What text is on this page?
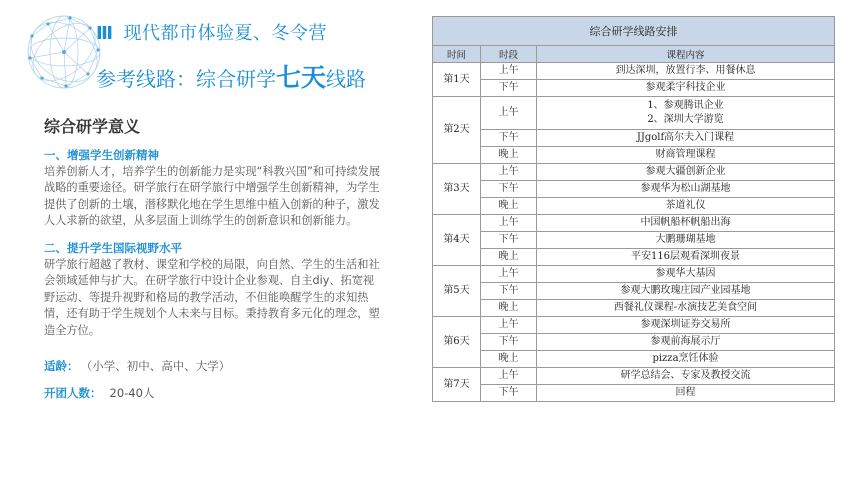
Ⅲ 现代都市体验夏、冬令营
参考线路：综合研学七天线路
综合研学意义
一、增强学生创新精神
培养创新人才，培养学生的创新能力是实现“科教兴国”和可持续发展战略的重要途径。研学旅行在研学旅行中增强学生创新精神，为学生提供了创新的土壤，潜移默化地在学生思维中植入创新的种子，激发人人求新的欲望，从多层面上训练学生的创新意识和创新能力。
二、提升学生国际视野水平
研学旅行超越了教材、课堂和学校的局限，向自然、学生的生活和社会领域延伸与扩大。在研学旅行中设计企业参观、自主diy、拓宽视野运动、等提升视野和格局的教学活动，不但能唤醒学生的求知热情，还有助于学生规划个人未来与目标。秉持教育多元化的理念，塑造全方位。
适龄： （小学、初中、高中、大学）
开团人数： 20-40人
综合研学线路安排		
时间	时段	课程内容
第1天	上午	到达深圳，放置行李、用餐休息

	下午	参观柔宇科技企业

第2天	上午	1、参观腾讯企业
2、深圳大学游览

	下午	JJgolf高尔夫入门课程

	晚上	财商管理课程

第3天	上午	参观大疆创新企业

	下午	参观华为松山湖基地

	晚上	茶道礼仪

第4天	上午	中国帆船杯帆船出海

	下午	大鹏珊瑚基地

	晚上	平安116层观看深圳夜景

第5天	上午	参观华大基因

	下午	参观大鹏玫瑰庄园产业园基地

	晚上	西餐礼仪课程-水演技艺美食空间

第6天	上午	参观深圳证券交易所

	下午	参观前海展示厅

	晚上	pizza烹饪体验

第7天	上午	研学总结会、专家及教授交流

	下午	回程
